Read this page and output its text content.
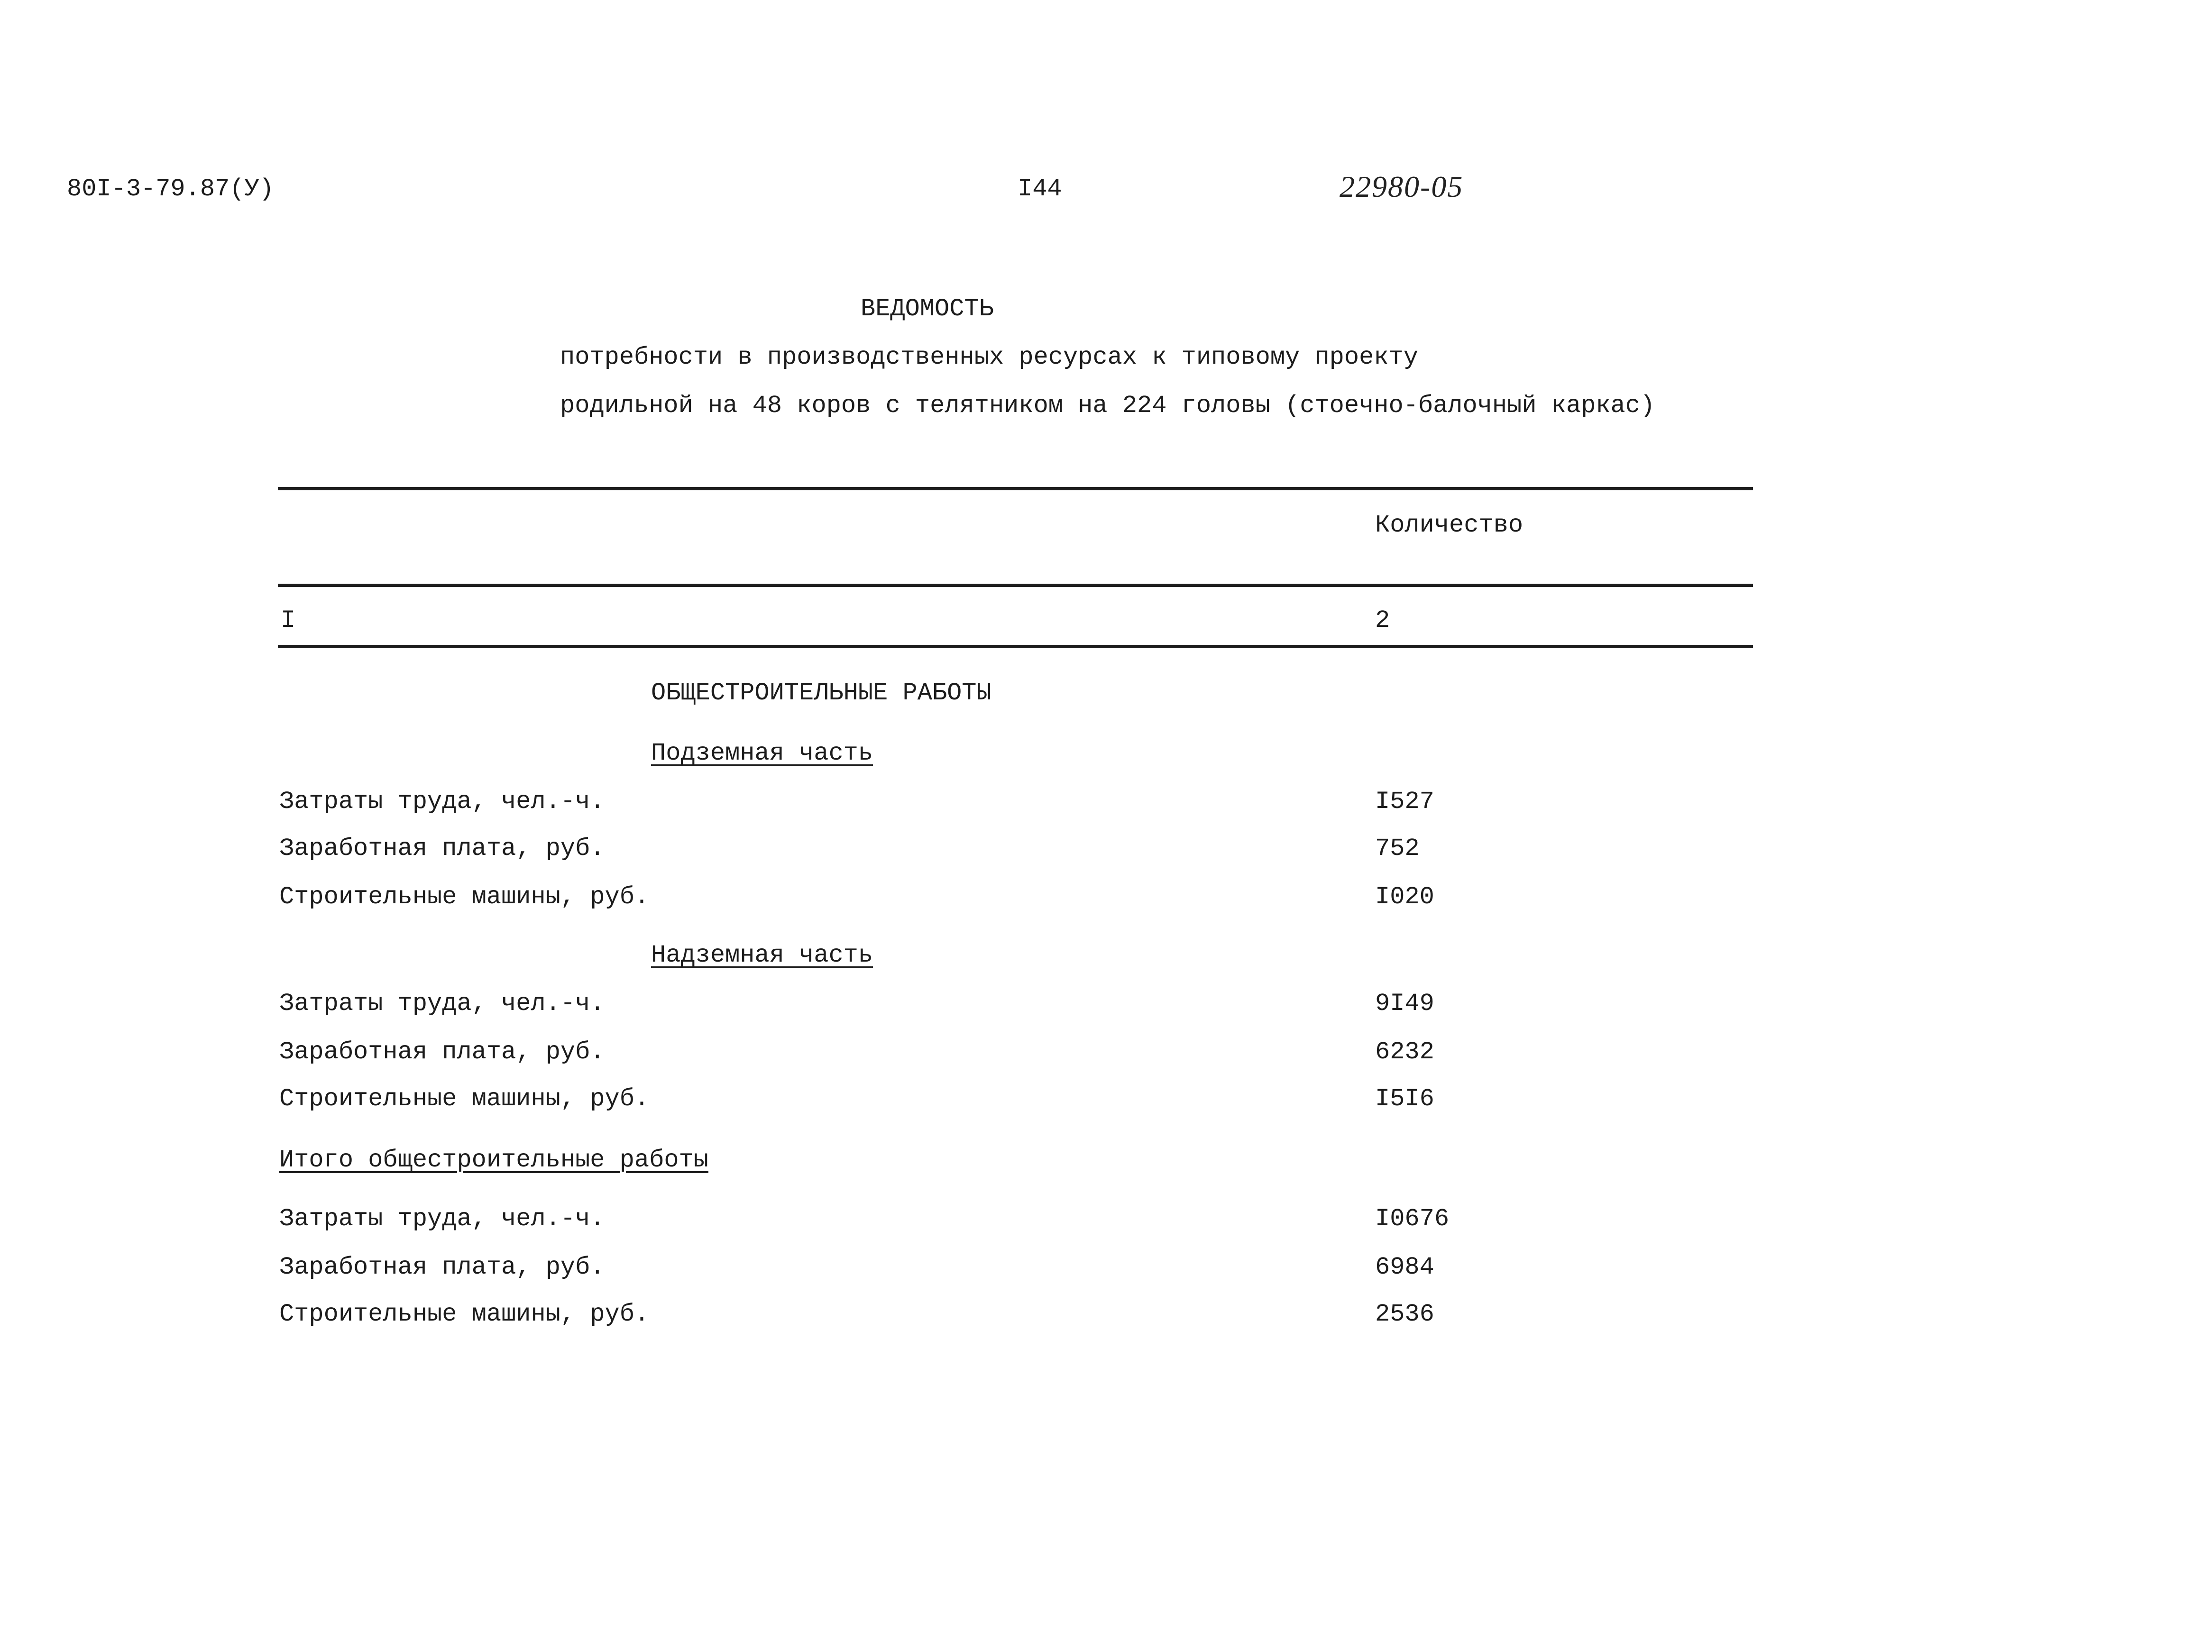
80I-3-79.87(У)	I44	22980-05
ВЕДОМОСТЬ
потребности в производственных ресурсах к типовому проекту
родильной на 48 коров с телятником на 224 головы (стоечно-балочный каркас)
Количество
I	2
ОБЩЕСТРОИТЕЛЬНЫЕ РАБОТЫ
Подземная часть
Затраты труда, чел.-ч.	I527
Заработная плата, руб.	752
Строительные машины, руб.	I020
Надземная часть
Затраты труда, чел.-ч.	9I49
Заработная плата, руб.	6232
Строительные машины, руб.	I5I6
Итого общестроительные работы
Затраты труда, чел.-ч.	I0676
Заработная плата, руб.	6984
Строительные машины, руб.	2536
